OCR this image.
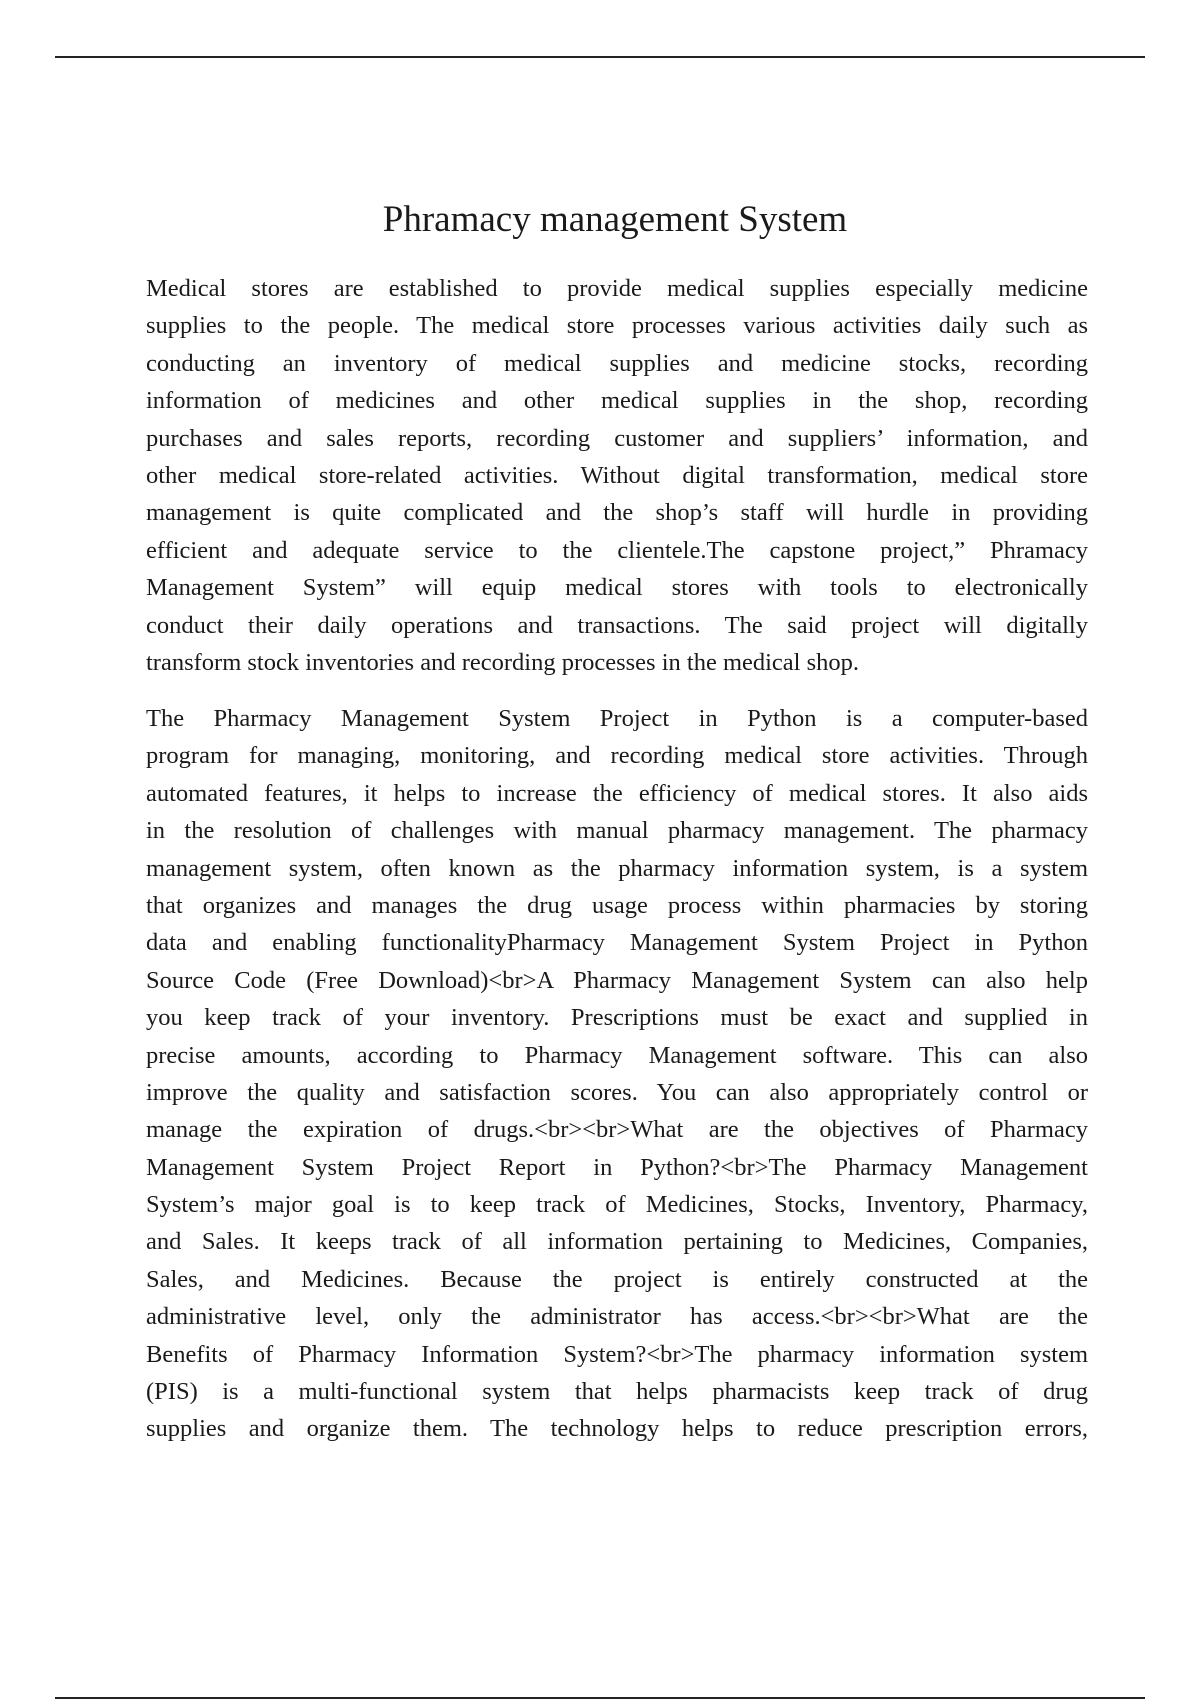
Phramacy management System
Medical stores are established to provide medical supplies especially medicine
supplies to the people. The medical store processes various activities daily such as
conducting an inventory of medical supplies and medicine stocks, recording
information of medicines and other medical supplies in the shop, recording
purchases and sales reports, recording customer and suppliers’ information, and
other medical store-related activities. Without digital transformation, medical store
management is quite complicated and the shop’s staff will hurdle in providing
efficient and adequate service to the clientele.The capstone project,” Phramacy
Management System” will equip medical stores with tools to electronically
conduct their daily operations and transactions. The said project will digitally
transform stock inventories and recording processes in the medical shop.
The Pharmacy Management System Project in Python is a computer-based
program for managing, monitoring, and recording medical store activities. Through
automated features, it helps to increase the efficiency of medical stores. It also aids
in the resolution of challenges with manual pharmacy management. The pharmacy
management system, often known as the pharmacy information system, is a system
that organizes and manages the drug usage process within pharmacies by storing
data and enabling functionalityPharmacy Management System Project in Python
Source Code (Free Download)<br>A Pharmacy Management System can also help
you keep track of your inventory. Prescriptions must be exact and supplied in
precise amounts, according to Pharmacy Management software. This can also
improve the quality and satisfaction scores. You can also appropriately control or
manage the expiration of drugs.<br><br>What are the objectives of Pharmacy
Management System Project Report in Python?<br>The Pharmacy Management
System’s major goal is to keep track of Medicines, Stocks, Inventory, Pharmacy,
and Sales. It keeps track of all information pertaining to Medicines, Companies,
Sales, and Medicines. Because the project is entirely constructed at the
administrative level, only the administrator has access.<br><br>What are the
Benefits of Pharmacy Information System?<br>The pharmacy information system
(PIS) is a multi-functional system that helps pharmacists keep track of drug
supplies and organize them. The technology helps to reduce prescription errors,
